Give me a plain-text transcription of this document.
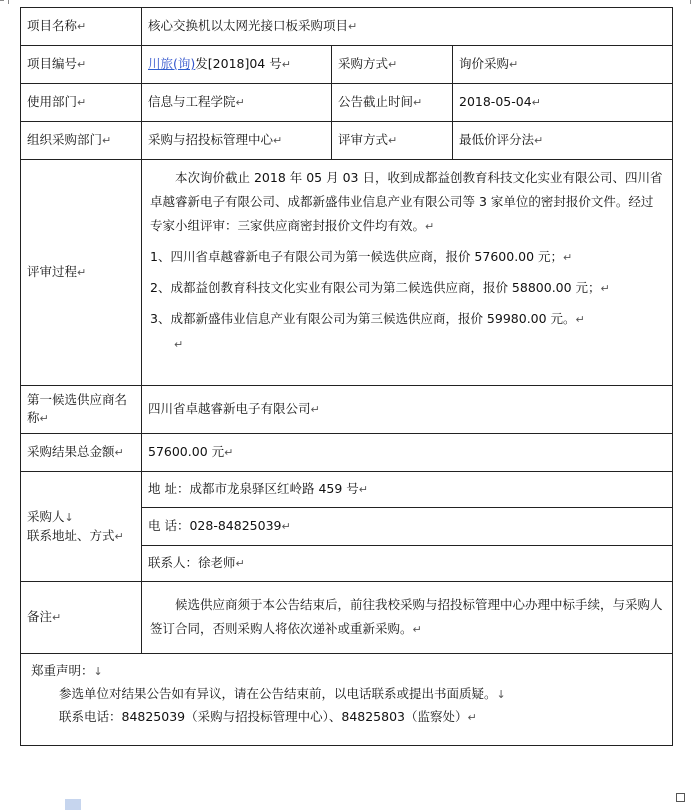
项目名称↵	核心交换机以太网光接口板采购项目↵		
项目编号↵	川旅(询)发[2018]04 号↵	采购方式↵	询价采购↵
使用部门↵	信息与工程学院↵	公告截止时间↵	2018-05-04↵
组织采购部门↵	采购与招投标管理中心↵	评审方式↵	最低价评分法↵
评审过程↵	本次询价截止 2018 年 05 月 03 日，收到成都益创教育科技文化实业有限公司、四川省卓越睿新电子有限公司、成都新盛伟业信息产业有限公司等 3 家单位的密封报价文件。经过专家小组评审：三家供应商密封报价文件均有效。↵

1、四川省卓越睿新电子有限公司为第一候选供应商，报价 57600.00 元；↵

2、成都益创教育科技文化实业有限公司为第二候选供应商，报价 58800.00 元；↵

3、成都新盛伟业信息产业有限公司为第三候选供应商，报价 59980.00 元。↵

↵		

第一候选供应商名称↵	四川省卓越睿新电子有限公司↵		
采购结果总金额↵	57600.00 元↵		

采购人↓
联系地址、方式↵	地 址：成都市龙泉驿区红岭路 459 号↵		
	电 话：028-84825039↵		
	联系人：徐老师↵		
备注↵	候选供应商须于本公告结束后，前往我校采购与招投标管理中心办理中标手续，与采购人签订合同，否则采购人将依次递补或重新采购。↵		

郑重声明：↓
参选单位对结果公告如有异议，请在公告结束前，以电话联系或提出书面质疑。↓
联系电话：84825039（采购与招投标管理中心）、84825803（监察处）↵			
